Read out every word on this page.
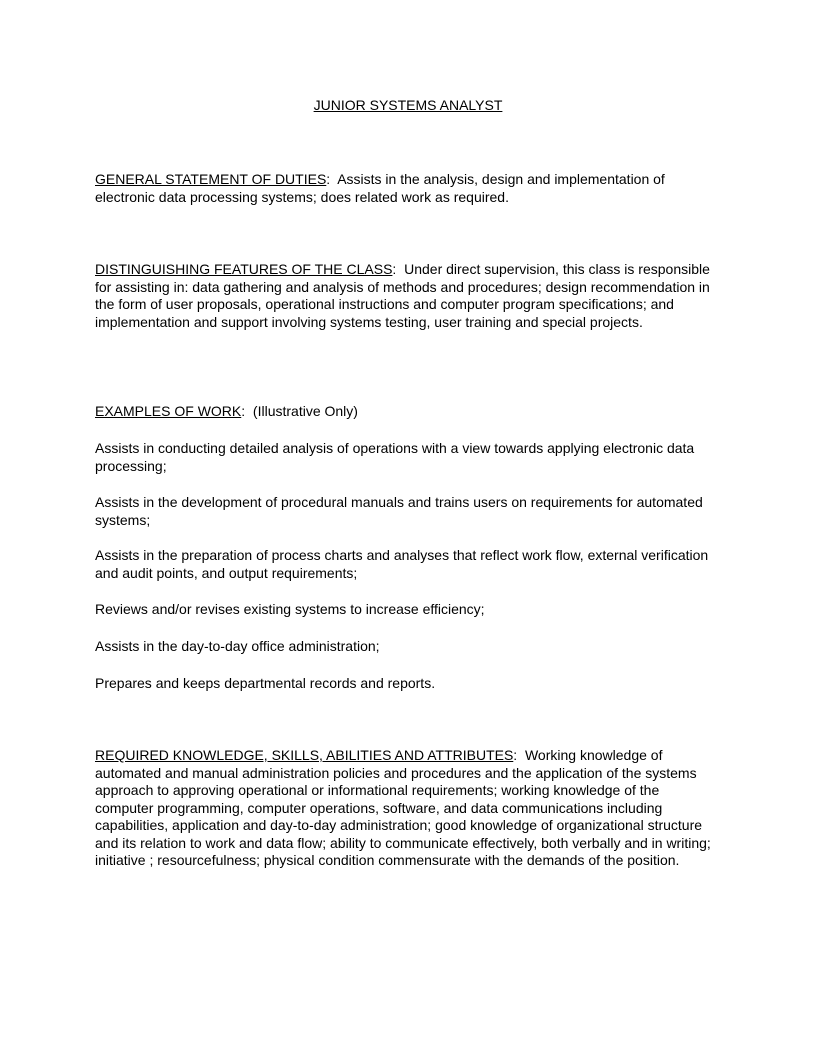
JUNIOR SYSTEMS ANALYST

GENERAL STATEMENT OF DUTIES:  Assists in the analysis, design and implementation of electronic data processing systems; does related work as required.

DISTINGUISHING FEATURES OF THE CLASS:  Under direct supervision, this class is responsible for assisting in: data gathering and analysis of methods and procedures; design recommendation in the form of user proposals, operational instructions and computer program specifications; and implementation and support involving systems testing, user training and special projects.

EXAMPLES OF WORK:  (Illustrative Only)

Assists in conducting detailed analysis of operations with a view towards applying electronic data processing;

Assists in the development of procedural manuals and trains users on requirements for automated systems;

Assists in the preparation of process charts and analyses that reflect work flow, external verification and audit points, and output requirements;

Reviews and/or revises existing systems to increase efficiency;

Assists in the day-to-day office administration;

Prepares and keeps departmental records and reports.

REQUIRED KNOWLEDGE, SKILLS, ABILITIES AND ATTRIBUTES:  Working knowledge of automated and manual administration policies and procedures and the application of the systems approach to approving operational or informational requirements; working knowledge of the computer programming, computer operations, software, and data communications including capabilities, application and day-to-day administration; good knowledge of organizational structure and its relation to work and data flow; ability to communicate effectively, both verbally and in writing; initiative ; resourcefulness; physical condition commensurate with the demands of the position.
